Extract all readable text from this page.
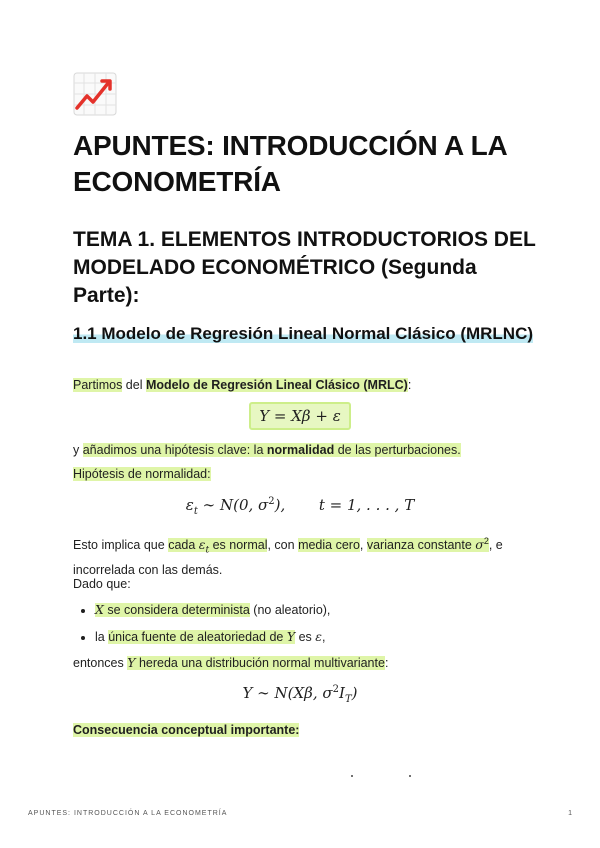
APUNTES: INTRODUCCIÓN A LA ECONOMETRÍA
TEMA 1. ELEMENTOS INTRODUCTORIOS DEL MODELADO ECONOMÉTRICO (Segunda Parte):
1.1 Modelo de Regresión Lineal Normal Clásico (MRLNC)

Partimos del Modelo de Regresión Lineal Clásico (MRLC):

Y = Xβ + ε

y añadimos una hipótesis clave: la normalidad de las perturbaciones.

Hipótesis de normalidad:

$\varepsilon_t$ ∼ N(0, $\sigma^2$), t = 1, . . . , T

Esto implica que cada $\varepsilon_t$ es normal, con media cero, varianza constante $\sigma^2$, e incorrelada con las demás.

Dado que:

• X se considera determinista (no aleatorio),
• la única fuente de aleatoriedad de Y es ε,

entonces Y hereda una distribución normal multivariante:

Y ∼ N(Xβ, $\sigma^2I_T$)

Consecuencia conceptual importante:

APUNTES: INTRODUCCIÓN A LA ECONOMETRÍA	1
